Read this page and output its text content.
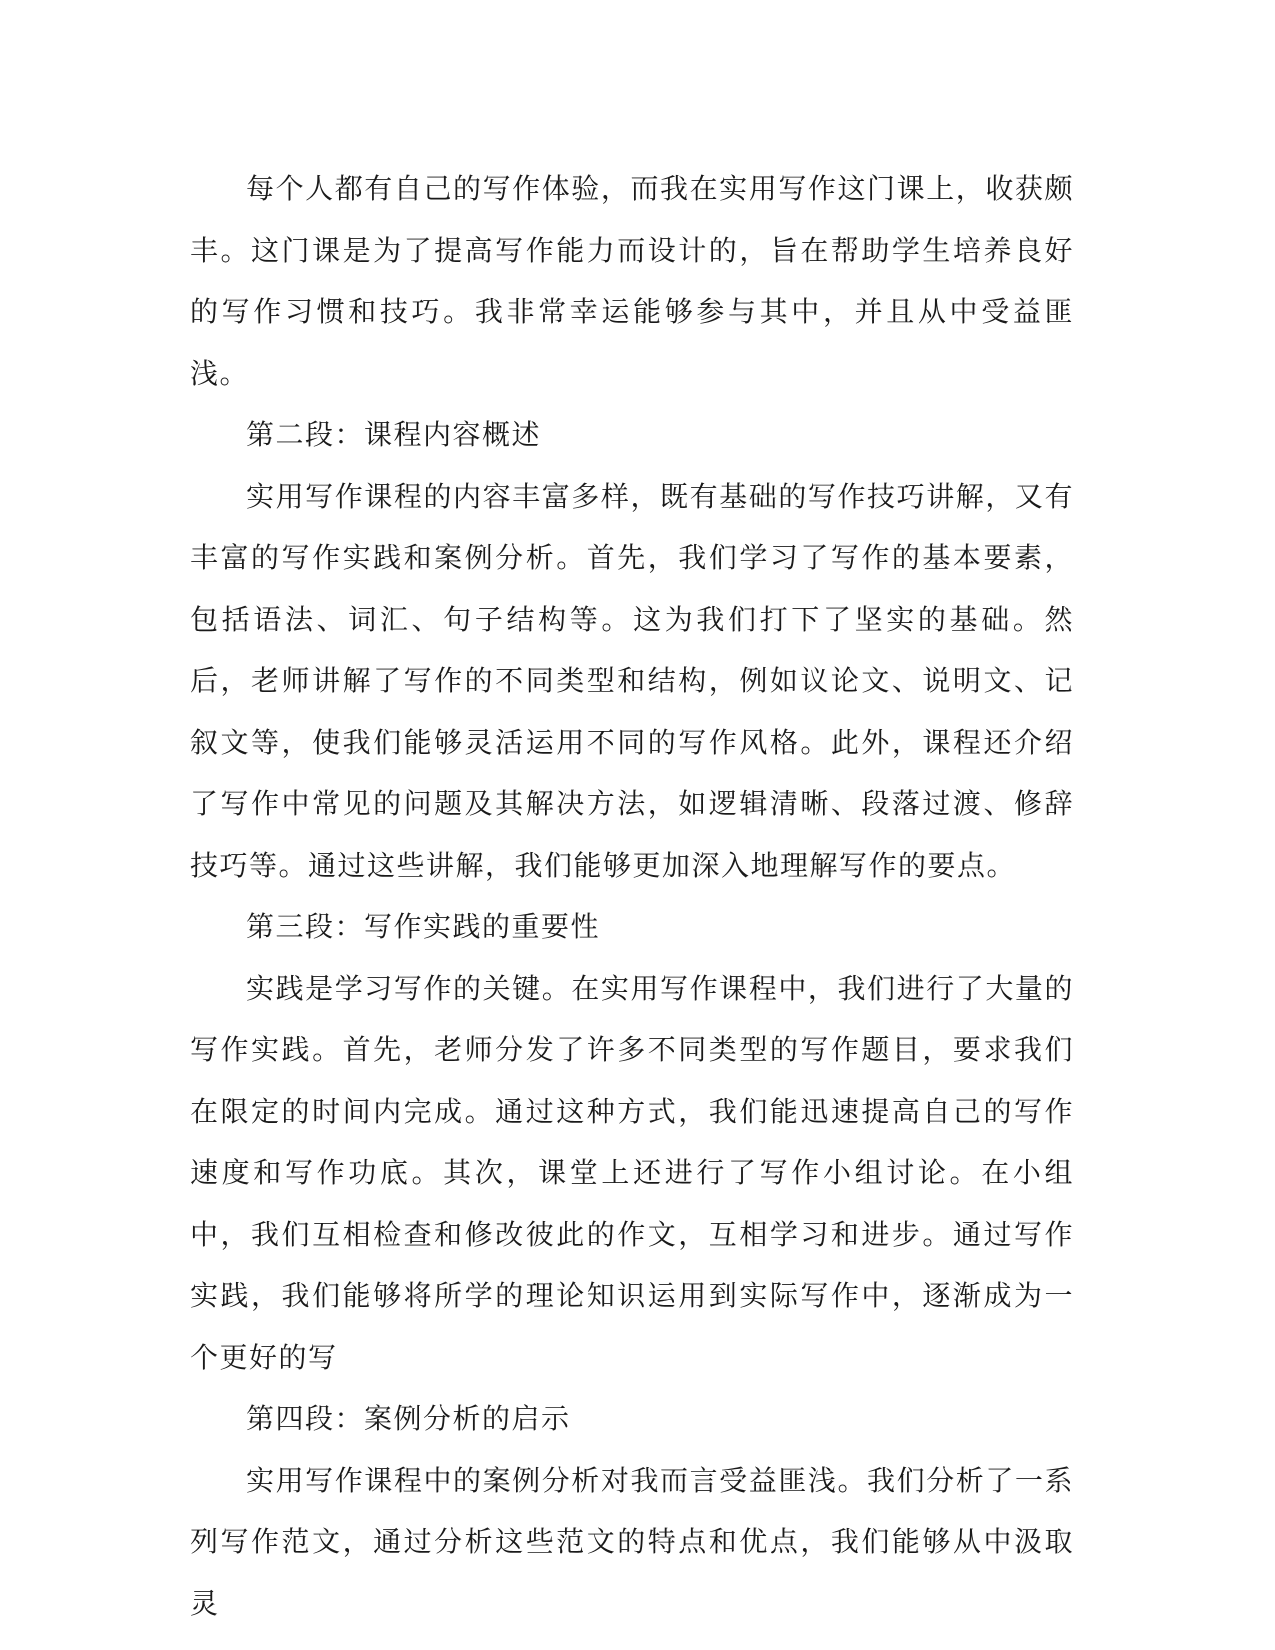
每个人都有自己的写作体验，而我在实用写作这门课上，收获颇丰。这门课是为了提高写作能力而设计的，旨在帮助学生培养良好的写作习惯和技巧。我非常幸运能够参与其中，并且从中受益匪浅。

第二段：课程内容概述

实用写作课程的内容丰富多样，既有基础的写作技巧讲解，又有丰富的写作实践和案例分析。首先，我们学习了写作的基本要素，包括语法、词汇、句子结构等。这为我们打下了坚实的基础。然后，老师讲解了写作的不同类型和结构，例如议论文、说明文、记叙文等，使我们能够灵活运用不同的写作风格。此外，课程还介绍了写作中常见的问题及其解决方法，如逻辑清晰、段落过渡、修辞技巧等。通过这些讲解，我们能够更加深入地理解写作的要点。

第三段：写作实践的重要性

实践是学习写作的关键。在实用写作课程中，我们进行了大量的写作实践。首先，老师分发了许多不同类型的写作题目，要求我们在限定的时间内完成。通过这种方式，我们能迅速提高自己的写作速度和写作功底。其次，课堂上还进行了写作小组讨论。在小组中，我们互相检查和修改彼此的作文，互相学习和进步。通过写作实践，我们能够将所学的理论知识运用到实际写作中，逐渐成为一个更好的写

第四段：案例分析的启示

实用写作课程中的案例分析对我而言受益匪浅。我们分析了一系列写作范文，通过分析这些范文的特点和优点，我们能够从中汲取灵
